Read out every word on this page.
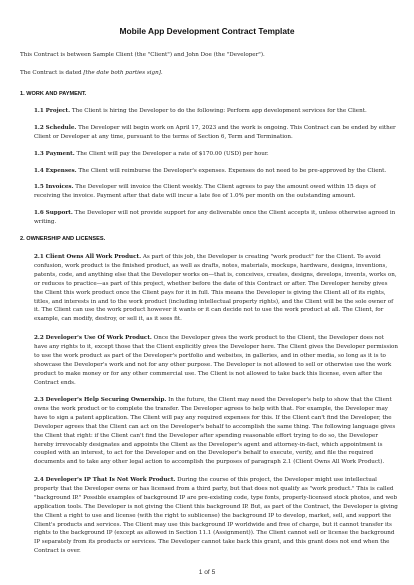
Mobile App Development Contract Template

This Contract is between Sample Client (the "Client") and John Doe (the "Developer").

The Contract is dated [the date both parties sign].

1. WORK AND PAYMENT.

1.1 Project. The Client is hiring the Developer to do the following: Perform app development services for the Client.

1.2 Schedule. The Developer will begin work on April 17, 2023 and the work is ongoing. This Contract can be ended by either Client or Developer at any time, pursuant to the terms of Section 6, Term and Termination.

1.3 Payment. The Client will pay the Developer a rate of $170.00 (USD) per hour.

1.4 Expenses. The Client will reimburse the Developer's expenses. Expenses do not need to be pre-approved by the Client.

1.5 Invoices. The Developer will invoice the Client weekly. The Client agrees to pay the amount owed within 15 days of receiving the invoice. Payment after that date will incur a late fee of 1.0% per month on the outstanding amount.

1.6 Support. The Developer will not provide support for any deliverable once the Client accepts it, unless otherwise agreed in writing.

2. OWNERSHIP AND LICENSES.

2.1 Client Owns All Work Product. As part of this job, the Developer is creating "work product" for the Client. To avoid confusion, work product is the finished product, as well as drafts, notes, materials, mockups, hardware, designs, inventions, patents, code, and anything else that the Developer works on—that is, conceives, creates, designs, develops, invents, works on, or reduces to practice—as part of this project, whether before the date of this Contract or after. The Developer hereby gives the Client this work product once the Client pays for it in full. This means the Developer is giving the Client all of its rights, titles, and interests in and to the work product (including intellectual property rights), and the Client will be the sole owner of it. The Client can use the work product however it wants or it can decide not to use the work product at all. The Client, for example, can modify, destroy, or sell it, as it sees fit.

2.2 Developer's Use Of Work Product. Once the Developer gives the work product to the Client, the Developer does not have any rights to it, except those that the Client explicitly gives the Developer here. The Client gives the Developer permission to use the work product as part of the Developer's portfolio and websites, in galleries, and in other media, so long as it is to showcase the Developer's work and not for any other purpose. The Developer is not allowed to sell or otherwise use the work product to make money or for any other commercial use. The Client is not allowed to take back this license, even after the Contract ends.

2.3 Developer's Help Securing Ownership. In the future, the Client may need the Developer's help to show that the Client owns the work product or to complete the transfer. The Developer agrees to help with that. For example, the Developer may have to sign a patent application. The Client will pay any required expenses for this. If the Client can't find the Developer, the Developer agrees that the Client can act on the Developer's behalf to accomplish the same thing. The following language gives the Client that right: if the Client can't find the Developer after spending reasonable effort trying to do so, the Developer hereby irrevocably designates and appoints the Client as the Developer's agent and attorney-in-fact, which appointment is coupled with an interest, to act for the Developer and on the Developer's behalf to execute, verify, and file the required documents and to take any other legal action to accomplish the purposes of paragraph 2.1 (Client Owns All Work Product).

2.4 Developer's IP That Is Not Work Product. During the course of this project, the Developer might use intellectual property that the Developer owns or has licensed from a third party, but that does not qualify as "work product." This is called "background IP." Possible examples of background IP are pre-existing code, type fonts, properly-licensed stock photos, and web application tools. The Developer is not giving the Client this background IP. But, as part of the Contract, the Developer is giving the Client a right to use and license (with the right to sublicense) the background IP to develop, market, sell, and support the Client's products and services. The Client may use this background IP worldwide and free of charge, but it cannot transfer its rights to the background IP (except as allowed in Section 11.1 (Assignment)). The Client cannot sell or license the background IP separately from its products or services. The Developer cannot take back this grant, and this grant does not end when the Contract is over.

1 of 5
